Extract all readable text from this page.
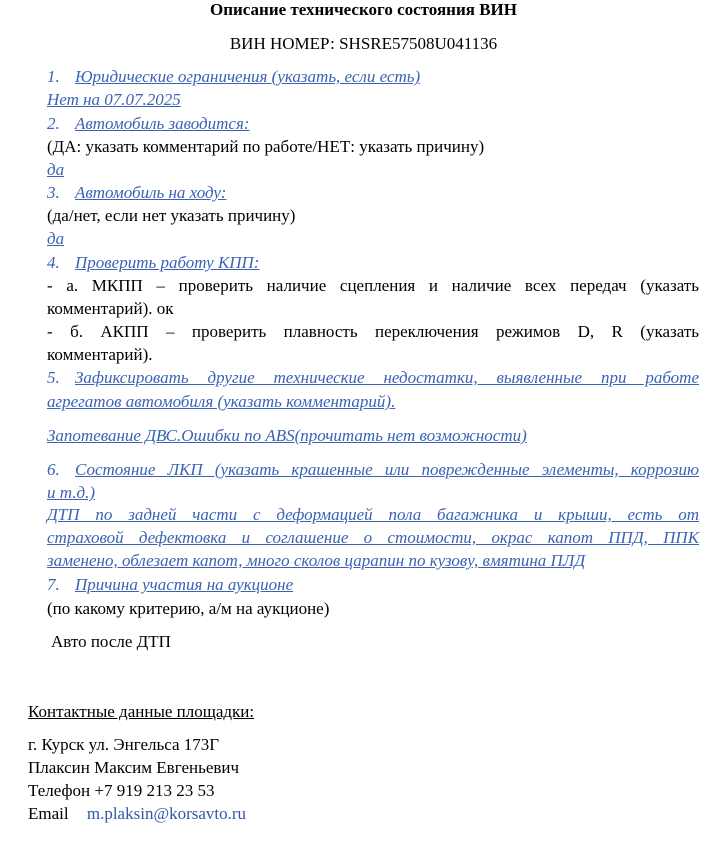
Описание технического состояния ВИН
ВИН НОМЕР: SHSRE57508U041136
1. Юридические ограничения (указать, если есть)
Нет на 07.07.2025
2. Автомобиль заводится:
(ДА: указать комментарий по работе/НЕТ: указать причину)
да
3. Автомобиль на ходу:
(да/нет, если нет указать причину)
да
4. Проверить работу КПП:
- а. МКПП – проверить наличие сцепления и наличие всех передач (указать
комментарий). ок
- б. АКПП – проверить плавность переключения режимов D, R (указать
комментарий).
5. Зафиксировать другие технические недостатки, выявленные при работе
агрегатов автомобиля (указать комментарий).
Запотевание ДВС.Ошибки по ABS(прочитать нет возможности)
6. Состояние ЛКП (указать крашенные или поврежденные элементы, коррозию
и т.д.)
ДТП по задней части с деформацией пола багажника и крыши, есть от
страховой дефектовка и соглашение о стоимости, окрас капот ППД, ППК
заменено, облезает капот, много сколов царапин по кузову, вмятина ПЛД
7. Причина участия на аукционе
(по какому критерию, а/м на аукционе)
Авто после ДТП
Контактные данные площадки:
г. Курск ул. Энгельса 173Г
Плаксин Максим Евгеньевич
Телефон +7 919 213 23 53
Email m.plaksin@korsavto.ru
